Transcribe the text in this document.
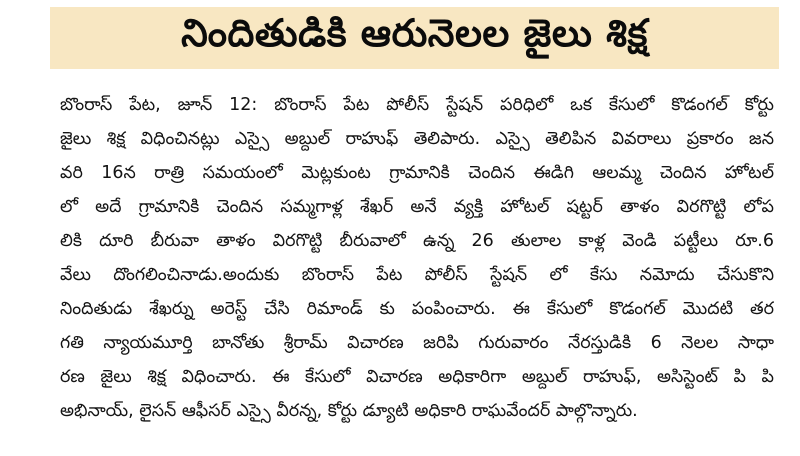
నిందితుడికి ఆరునెలల జైలు శిక్ష
బొంరాస్ పేట, జూన్ 12: బొంరాస్ పేట పోలీస్ స్టేషన్ పరిధిలో ఒక కేసులో కొడంగల్ కోర్టు
జైలు శిక్ష విధించినట్లు ఎస్సై అబ్దుల్ రాహుఫ్ తెలిపారు. ఎస్సై తెలిపిన వివరాలు ప్రకారం జన
వరి 16న రాత్రి సమయంలో మెట్లకుంట గ్రామానికి చెందిన ఈడిగి ఆలమ్మ చెందిన హోటల్
లో అదే గ్రామానికి చెందిన సమ్మగాళ్ల శేఖర్ అనే వ్యక్తి హోటల్ షట్టర్ తాళం విరగొట్టి లోప
లికి దూరి బీరువా తాళం విరగొట్టి బీరువాలో ఉన్న 26 తులాల కాళ్ల వెండి పట్టీలు రూ.6
వేలు దొంగలించినాడు.అందుకు బొంరాస్ పేట పోలీస్ స్టేషన్ లో కేసు నమోదు చేసుకొని
నిందితుడు శేఖర్ను అరెస్ట్ చేసి రిమాండ్ కు పంపించారు. ఈ కేసులో కొడంగల్ మొదటి తర
గతి న్యాయమూర్తి బానోతు శ్రీరామ్ విచారణ జరిపి గురువారం నేరస్తుడికి 6 నెలల సాధా
రణ జైలు శిక్ష విధించారు. ఈ కేసులో విచారణ అధికారిగా అబ్దుల్ రాహుఫ్, అసిస్టెంట్ పి పి
అభినాయ్, లైసన్ ఆఫీసర్ ఎస్సై వీరన్న, కోర్టు డ్యూటి అధికారి రాఘవేందర్ పాల్గొన్నారు.
